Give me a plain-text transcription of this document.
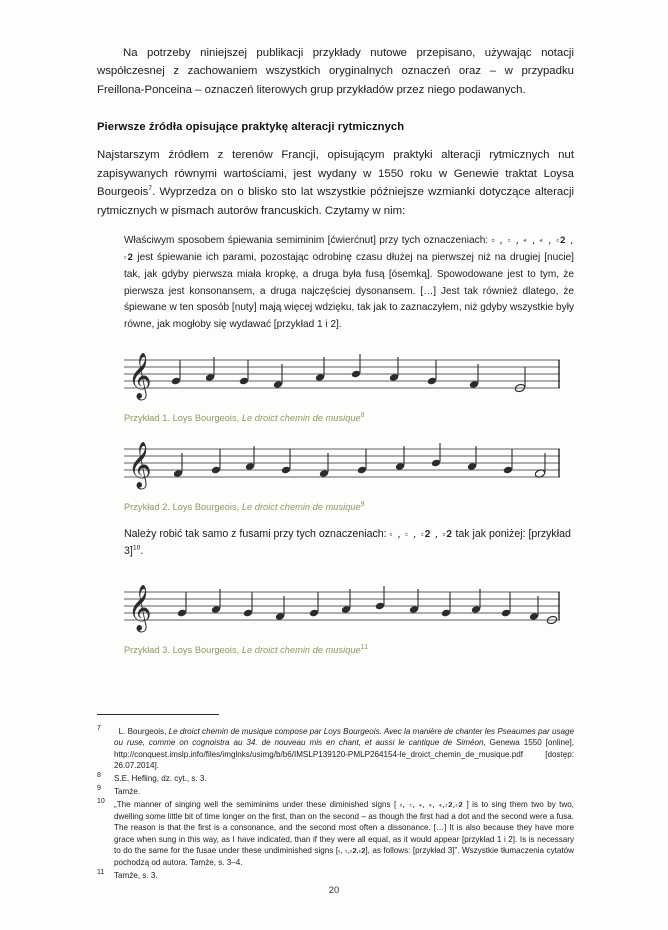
Na potrzeby niniejszej publikacji przykłady nutowe przepisano, używając notacji współczesnej z zachowaniem wszystkich oryginalnych oznaczeń oraz – w przypadku Freillona-Ponceina – oznaczeń literowych grup przykładów przez niego podawanych.

Pierwsze źródła opisujące praktykę alteracji rytmicznych

Najstarszym źródłem z terenów Francji, opisującym praktyki alteracji rytmicznych nut zapisywanych równymi wartościami, jest wydany w 1550 roku w Genewie traktat Loysa Bourgeois$^7$. Wyprzedza on o blisko sto lat wszystkie późniejsze wzmianki dotyczące alteracji rytmicznych w pismach autorów francuskich. Czytamy w nim:

Właściwym sposobem śpiewania semiminim [ćwierćnut] przy tych oznaczeniach: 𝇈 , 𝇋 , 𝇋̵ , 𝇊̵ , 𝇊𝟮 , 𝇋𝟮 jest śpiewanie ich parami, pozostając odrobinę czasu dłużej na pierwszej niż na drugiej [nucie] tak, jak gdyby pierwsza miała kropkę, a druga była fusą [ósemką]. Spowodowane jest to tym, że pierwsza jest konsonansem, a druga najczęściej dysonansem. […] Jest tak również dlatego, że śpiewane w ten sposób [nuty] mają więcej wdzięku, tak jak to zaznaczyłem, niż gdyby wszystkie były równe, jak mogłoby się wydawać [przykład 1 i 2].
𝄞
Przykład 1. Loys Bourgeois, Le droict chemin de musique$^8$
𝄞
Przykład 2. Loys Bourgeois, Le droict chemin de musique$^9$

Należy robić tak samo z fusami przy tych oznaczeniach: 𝇊 , 𝇋 , 𝇋𝟮 , 𝇊𝟮 tak jak poniżej: [przykład 3]$^{10}$.

𝄞
Przykład 3. Loys Bourgeois, Le droict chemin de musique$^{11}$
7 L. Bourgeois, Le droict chemin de musique compose par Loys Bourgeois. Avec la manière de chanter les Pseaumes par usage ou ruse, comme on cognoistra au 34. de nouveau mis en chant, et aussi le cantique de Siméon, Genewa 1550 [online], http://conquest.imslp.info/files/imglnks/usimg/b/b6/IMSLP139120-PMLP264154-le_droict_chemin_de_musique.pdf [dostęp: 26.07.2014].
8 S.E. Hefling, dz. cyt., s. 3.
9 Tamże.
10 „The manner of singing well the semiminims under these diminished signs [ 𝇈, 𝇋, 𝇋̵, 𝇋̵, 𝇊̵,𝇊𝟮,𝇋𝟮 ] is to sing them two by two, dwelling some little bit of time longer on the first, than on the second – as though the first had a dot and the second were a fusa. The reason is that the first is a consonance, and the second most often a dissonance. […] It is also because they have more grace when sung in this way, as I have indicated, than if they were all equal, as it would appear [przykład 1 i 2]. Is is necessary to do the same for the fusae under these undiminished signs [𝇊, 𝇋,𝇊𝟮,𝇊𝟮], as follows: [przykład 3]”. Wszystkie tłumaczenia cytatów pochodzą od autora. Tamże, s. 3–4.
11 Tamże, s. 3.
20
